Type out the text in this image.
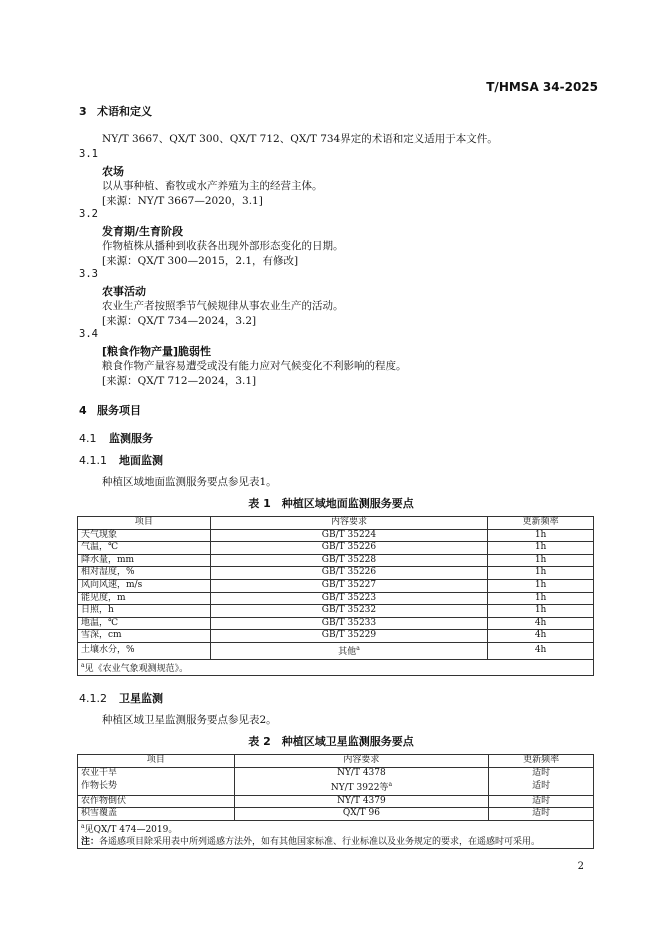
T/HMSA 34-2025
3 术语和定义
NY/T 3667、QX/T 300、QX/T 712、QX/T 734界定的术语和定义适用于本文件。
3.1
农场
以从事种植、畜牧或水产养殖为主的经营主体。
[来源：NY/T 3667—2020，3.1]
3.2
发育期/生育阶段
作物植株从播种到收获各出现外部形态变化的日期。
[来源：QX/T 300—2015，2.1，有修改]
3.3
农事活动
农业生产者按照季节气候规律从事农业生产的活动。
[来源：QX/T 734—2024，3.2]
3.4
[粮食作物产量]脆弱性
粮食作物产量容易遭受或没有能力应对气候变化不利影响的程度。
[来源：QX/T 712—2024，3.1]
4 服务项目
4.1 监测服务
4.1.1 地面监测
种植区域地面监测服务要点参见表1。
表 1　种植区域地面监测服务要点
项目	内容要求	更新频率
天气现象	GB/T 35224	1h
气温，℃	GB/T 35226	1h
降水量，mm	GB/T 35228	1h
相对湿度，%	GB/T 35226	1h
风向风速，m/s	GB/T 35227	1h
能见度，m	GB/T 35223	1h
日照，h	GB/T 35232	1h
地温，℃	GB/T 35233	4h
雪深，cm	GB/T 35229	4h
土壤水分，%	其他$^a$	4h
$^a$见《农业气象观测规范》。		
4.1.2 卫星监测
种植区域卫星监测服务要点参见表2。
表 2　种植区域卫星监测服务要点
项目	内容要求	更新频率
农业干旱	NY/T 4378	适时
作物长势	NY/T 3922等$^a$	适时
农作物倒伏	NY/T 4379	适时
积雪覆盖	QX/T 96	适时
$^a$见QX/T 474—2019。		
注：各遥感项目除采用表中所列遥感方法外，如有其他国家标准、行业标准以及业务规定的要求，在遥感时可采用。		
2
